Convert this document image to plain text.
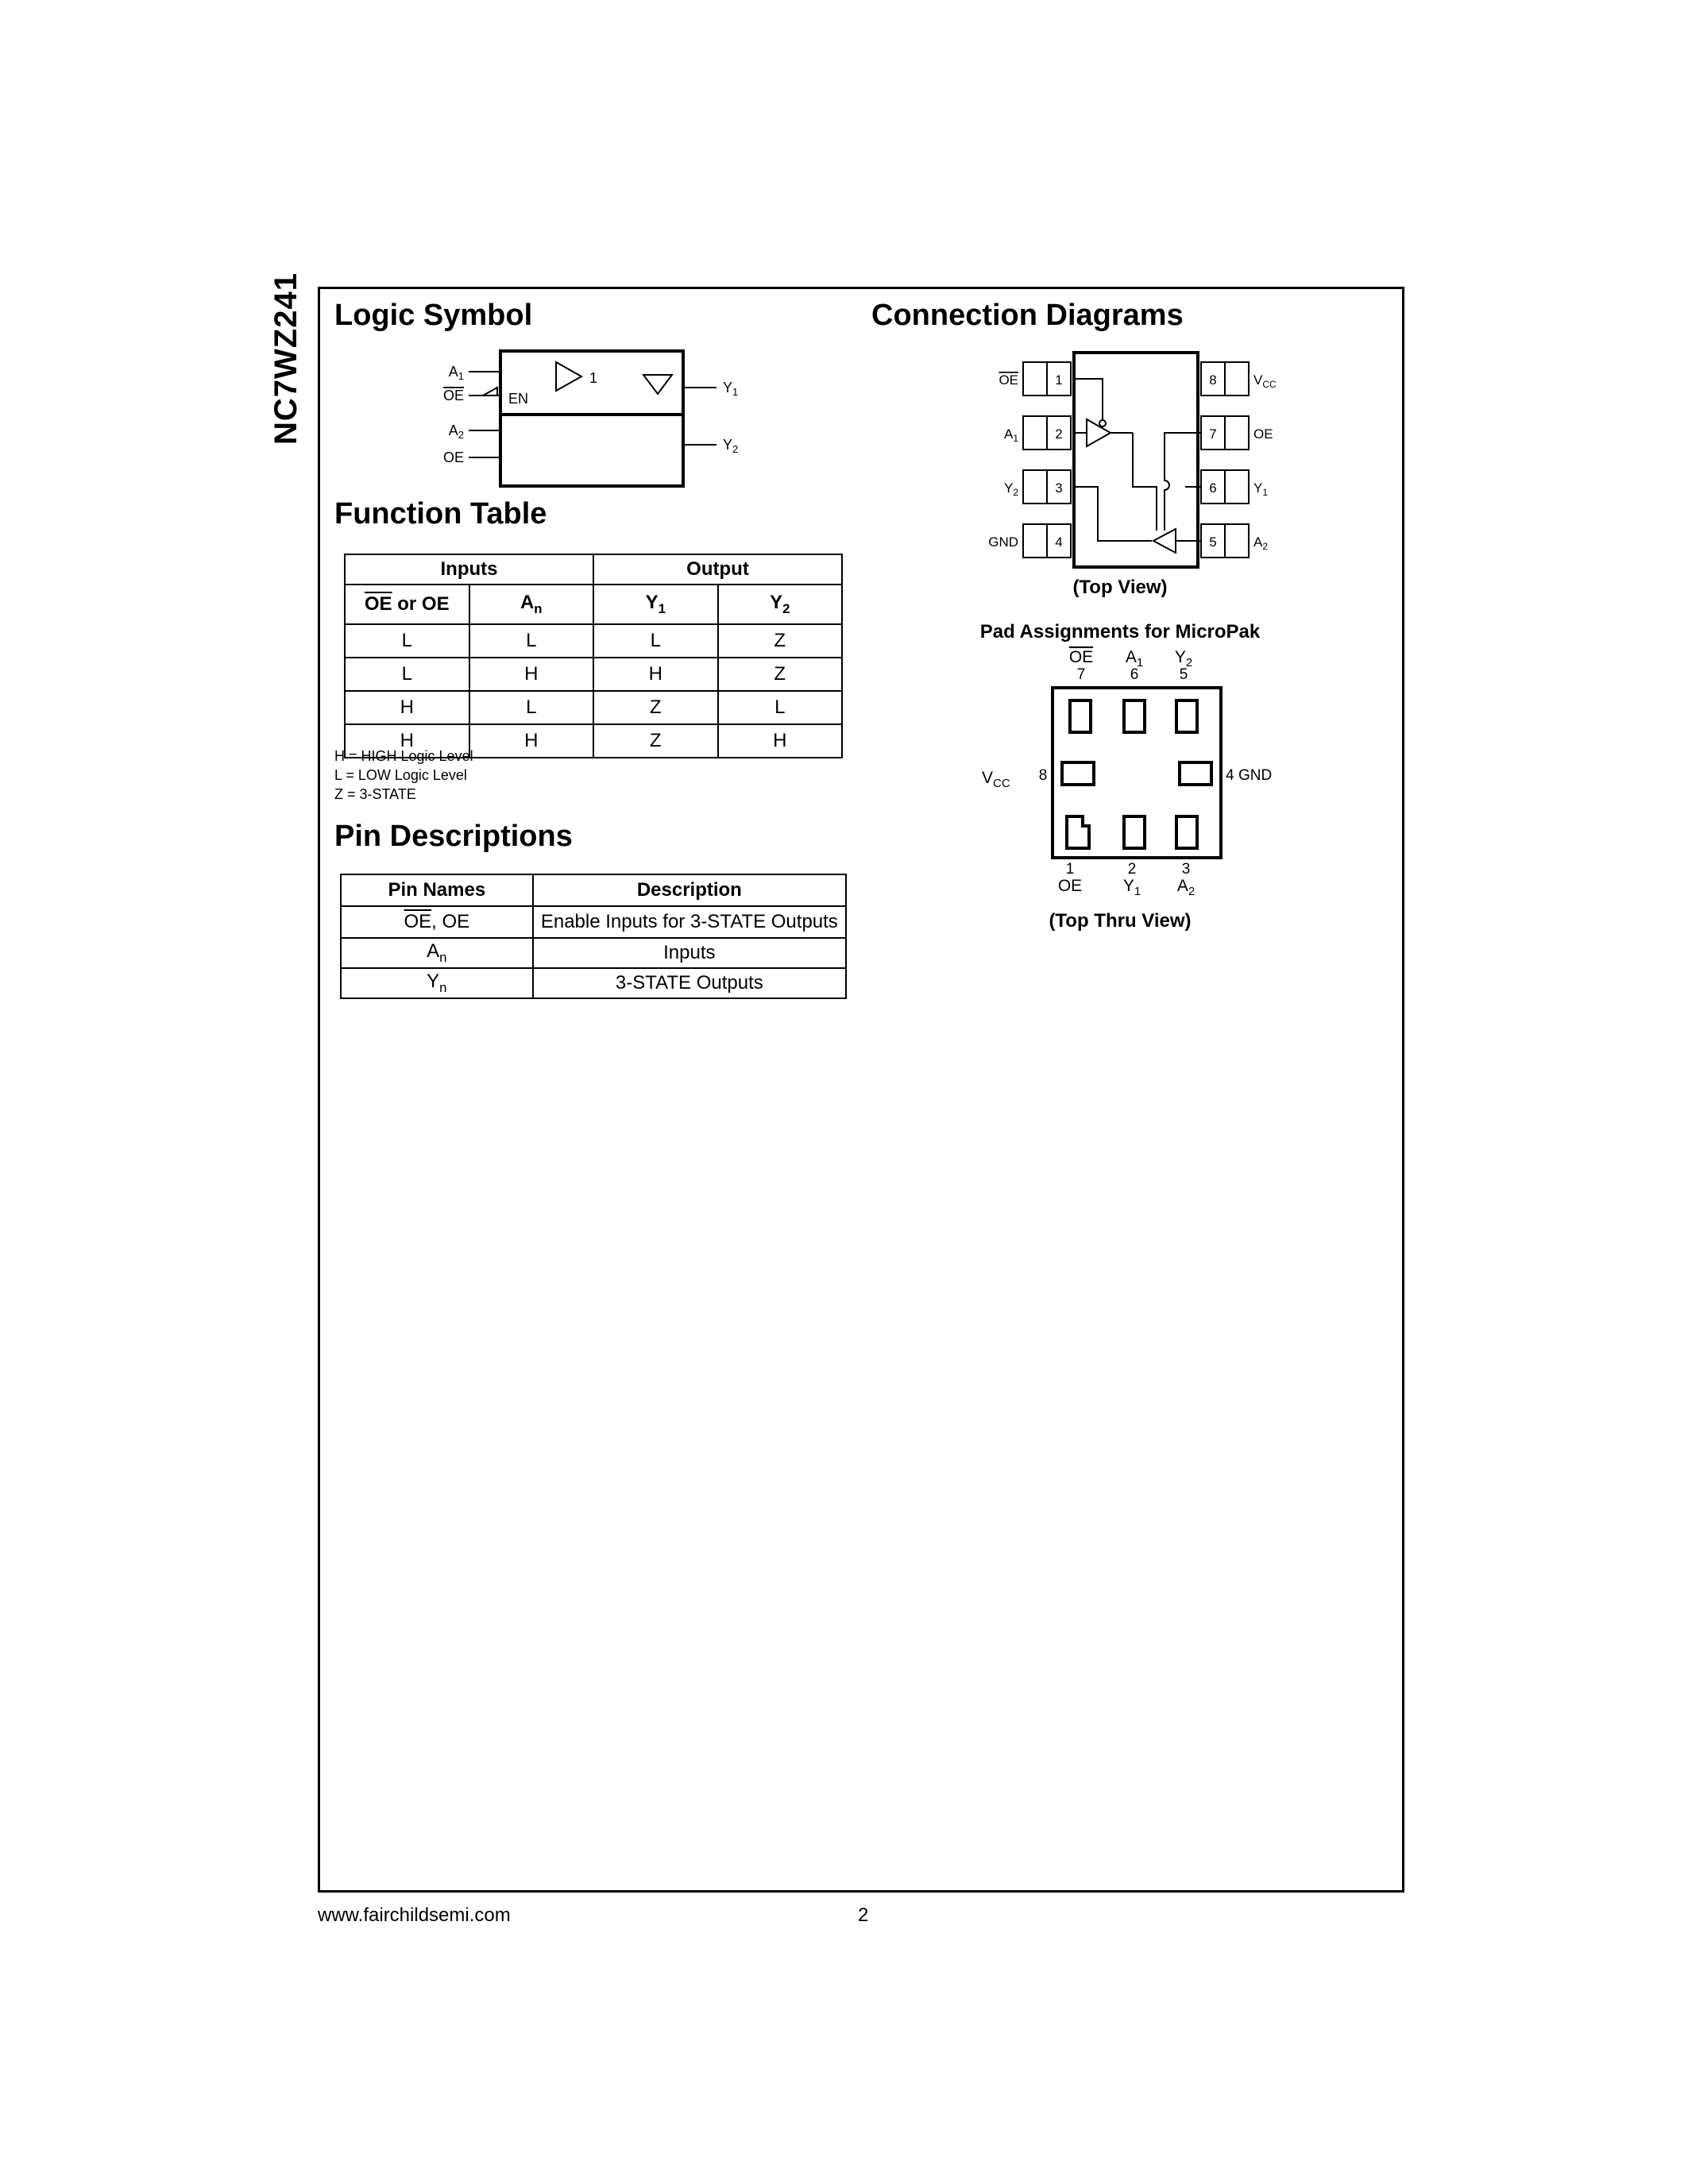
NC7WZ241 Logic Symbol	Connection Diagrams
$A_1$
OE
$A_2$
OE
EN
1
$Y_1$
$Y_2$
Function Table
Inputs		Output	
$\overline{OE}$ or OE	$A_n$	$Y_1$	$Y_2$
L	L	L	Z
L	H	H	Z
H	L	Z	L
H	H	Z	H
H = HIGH Logic Level
L = LOW Logic Level
Z = 3-STATE
Pin Descriptions
Pin Names	Description
$\overline{OE}$, OE	Enable Inputs for 3-STATE Outputs
$A_n$	Inputs
$Y_n$	3-STATE Outputs
1
2
3
4
8
7
6
5
OE
$A_1$
$Y_2$
GND
$V_{CC}$
OE
$Y_1$
$A_2$
(Top View)
Pad Assignments for MicroPak
OE $A_1$ $Y_2$
7	6	5
$V_{CC}$ 8	4 GND
1	2	3
OE $Y_1$ $A_2$
(Top Thru View)
www.fairchildsemi.com	2
